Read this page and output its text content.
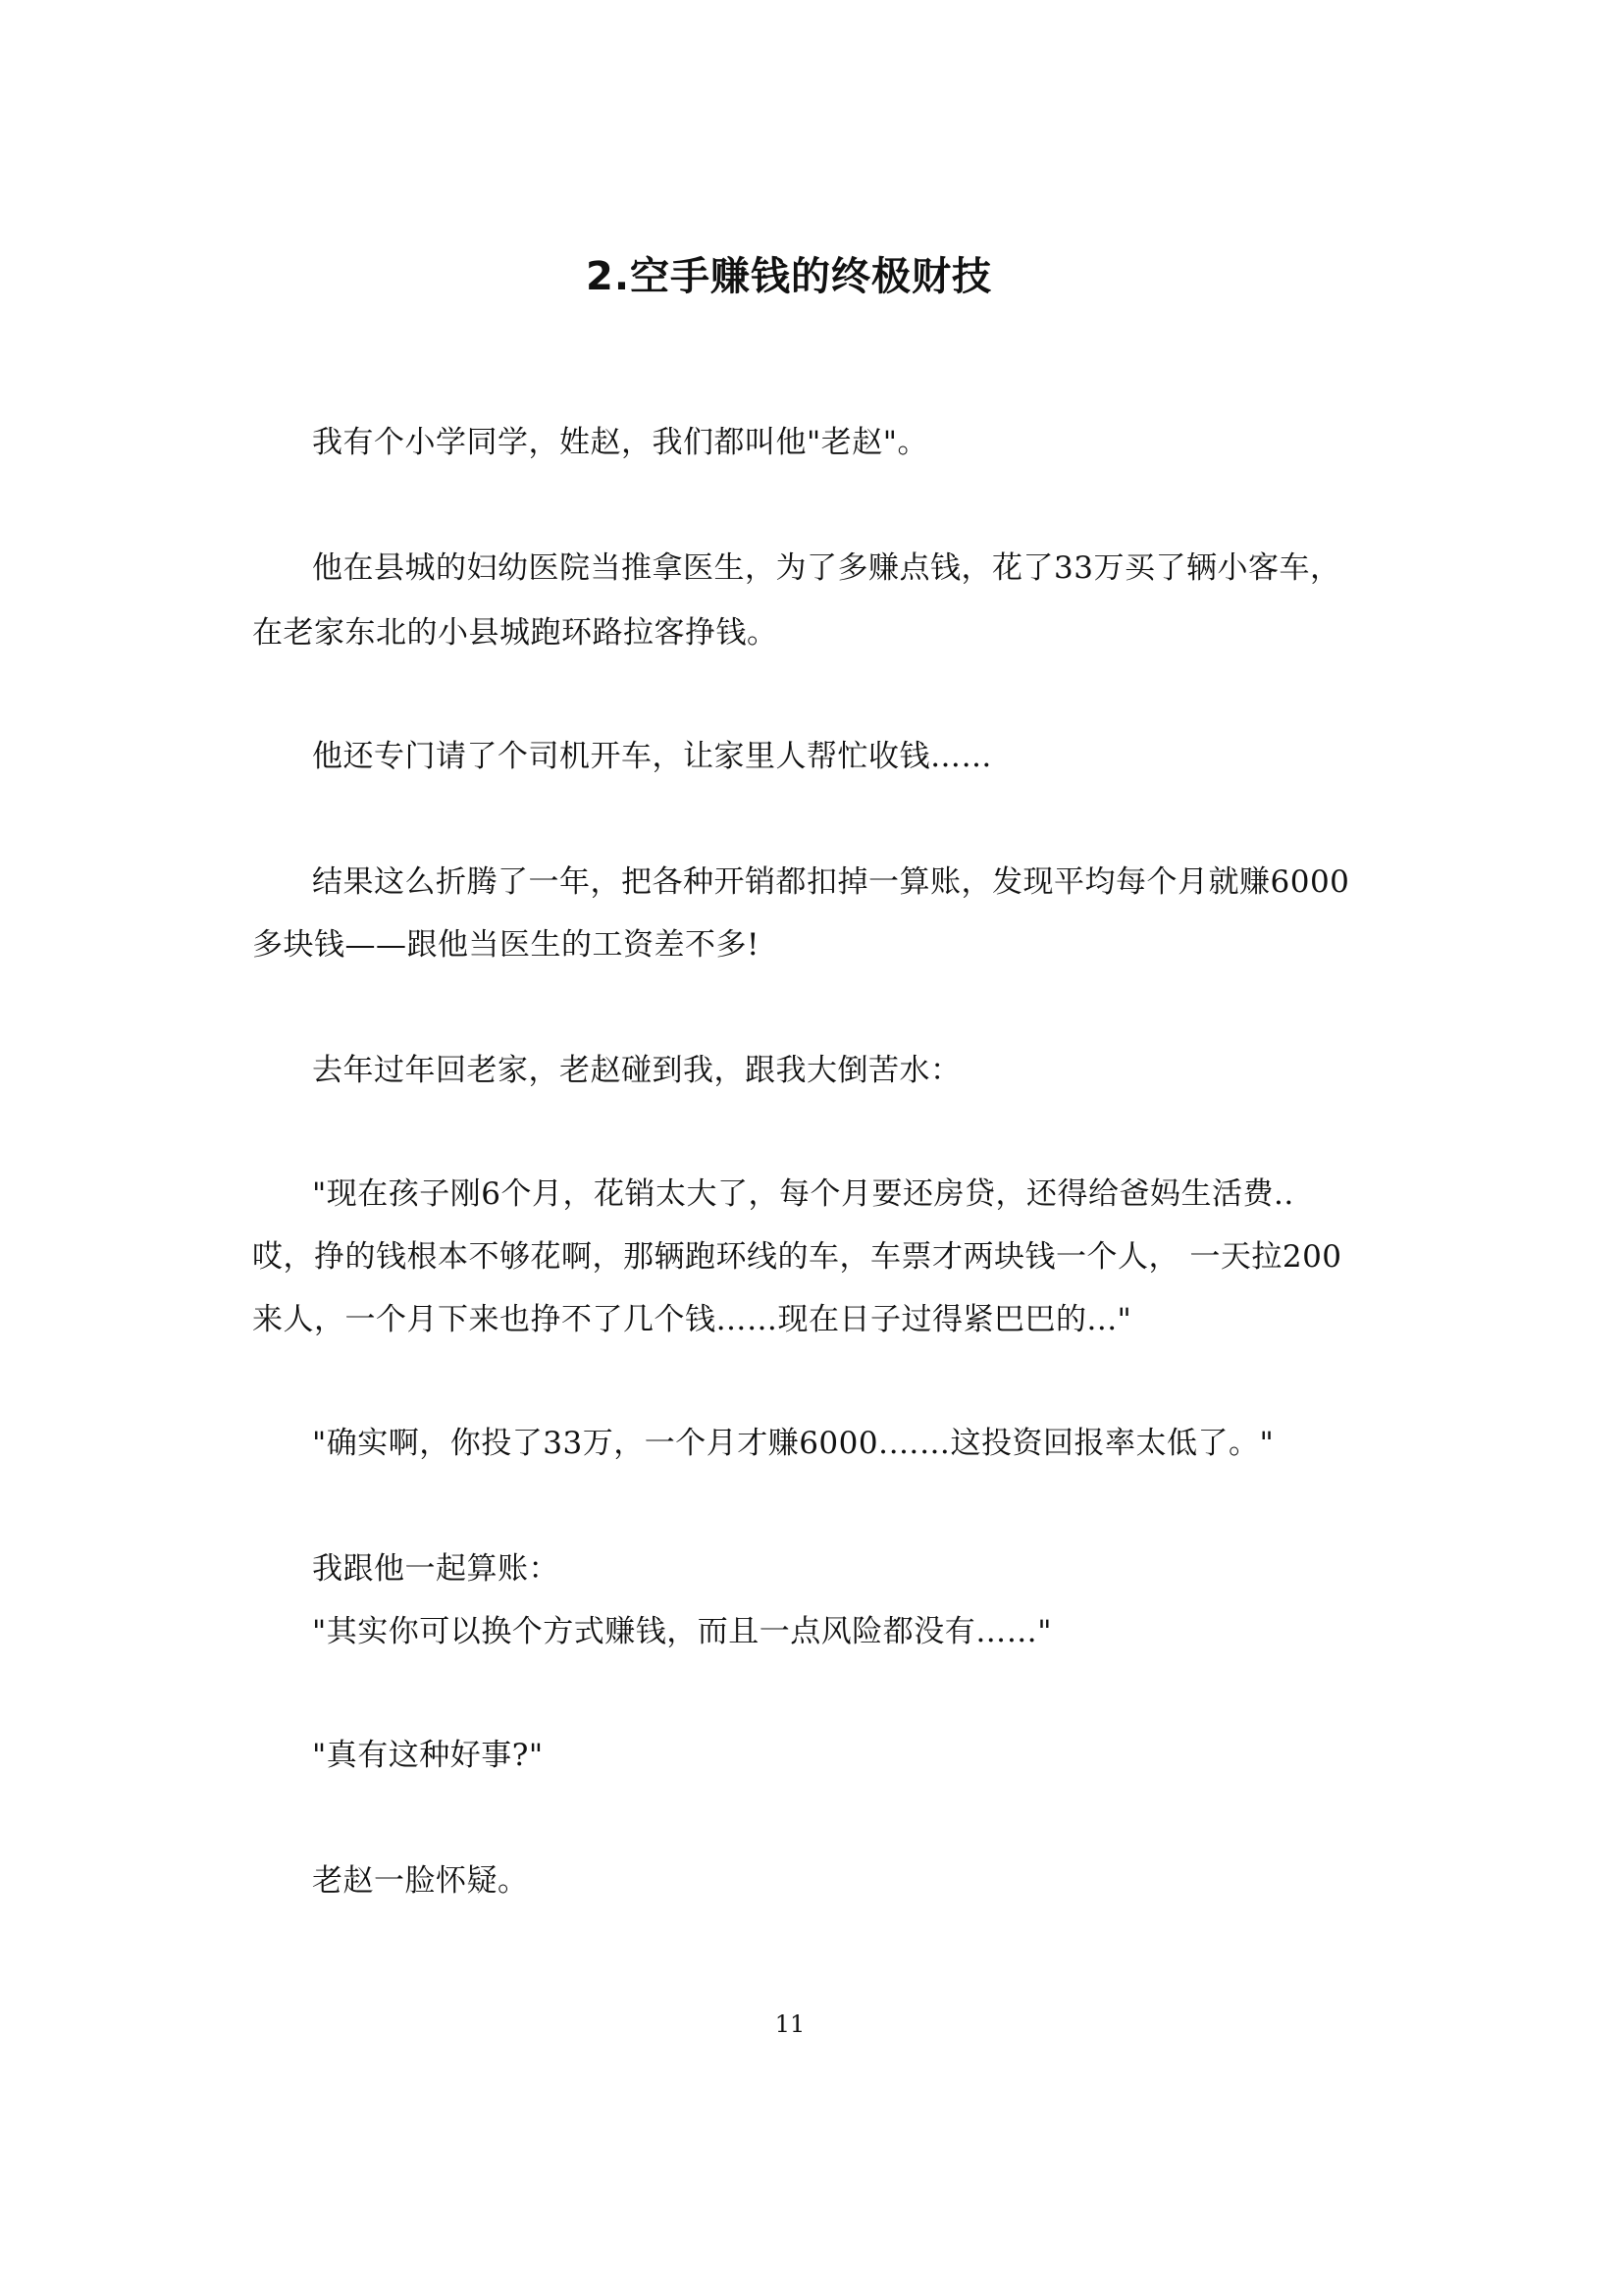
2.空手赚钱的终极财技

我有个小学同学，姓赵，我们都叫他"老赵"。

他在县城的妇幼医院当推拿医生，为了多赚点钱，花了33万买了辆小客车，

在老家东北的小县城跑环路拉客挣钱。

他还专门请了个司机开车，让家里人帮忙收钱……

结果这么折腾了一年，把各种开销都扣掉一算账，发现平均每个月就赚6000

多块钱——跟他当医生的工资差不多!

去年过年回老家，老赵碰到我，跟我大倒苦水：

"现在孩子刚6个月，花销太大了，每个月要还房贷，还得给爸妈生活费..

哎，挣的钱根本不够花啊，那辆跑环线的车，车票才两块钱一个人， 一天拉200

来人，一个月下来也挣不了几个钱……现在日子过得紧巴巴的..."

"确实啊，你投了33万，一个月才赚6000.……这投资回报率太低了。"

我跟他一起算账：

"其实你可以换个方式赚钱，而且一点风险都没有……"

"真有这种好事?"

老赵一脸怀疑。

11
